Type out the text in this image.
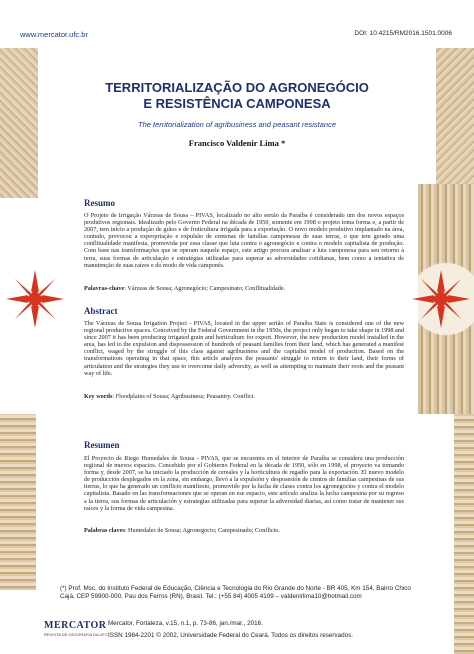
www.mercator.ufc.br	DOI: 10.4215/RM2016.1501.0006
TERRITORIALIZAÇÃO DO AGRONEGÓCIO
E RESISTÊNCIA CAMPONESA
The territorialization of agribusiness and peasant resistance
Francisco Valdenir Lima *
Resumo
O Projeto de Irrigação Várzeas de Sousa – PIVAS, localizado no alto sertão da Paraíba é considerado um dos novos espaços produtivos regionais. Idealizado pelo Governo Federal na década de 1950, somente em 1998 o projeto toma forma e, a partir de 2007, tem início a produção de grãos e de fruticultura irrigada para a exportação. O novo modelo produtivo implantado na área, contudo, provocou a expropriação e expulsão de centenas de famílias camponesas de suas terras, o que tem gerado uma conflitualidade manifesta, promovida por essa classe que luta contra o agronegócio e contra o modelo capitalista de produção. Com base nas transformações que se operam naquele espaço, este artigo procura analisar a luta camponesa para seu retorno à terra, suas formas de articulação e estratégias utilizadas para superar as adversidades cotidianas, bem como a tentativa de manutenção de suas raízes e do modo de vida camponês.
Palavras-chave: Várzeas de Sousa; Agronegócio; Campesinato; Conflitualidade.
Abstract
The Várzeas de Sousa Irrigation Project - PIVAS, located in the upper sertão of Paraíba State is considered one of the new regional productive spaces. Conceived by the Federal Government in the 1950s, the project only began to take shape in 1998 and since 2007 it has been producing irrigated grain and horticulture for export. However, the new production model installed in the area, has led to the expulsion and dispossession of hundreds of peasant families from their land, which has generated a manifest conflict, waged by the struggle of this class against agribusiness and the capitalist model of production. Based on the transformations operating in that space, this article analyzes the peasants' struggle to return to their land, their forms of articulation and the strategies they use to overcome daily adversity, as well as attempting to maintain their roots and the peasant way of life.
Key words: Floodplains of Sousa; Agribusiness; Peasantry. Conflict.
Resumen
El Proyecto de Riego Humedales de Sousa - PIVAS, que se encuentra en el interior de Paraíba se considera una producción regional de nuevos espacios. Concebido por el Gobierno Federal en la década de 1950, sólo en 1998, el proyecto va tomando forma y, desde 2007, se ha iniciado la producción de cereales y la horticultura de regadío para la exportación. El nuevo modelo de producción desplegados en la zona, sin embargo, llevó a la expulsión y desposesión de cientos de familias campesinas de sus tierras, lo que ha generado un conflicto manifiesto, promovido por la lucha de clases contra los agronegocios y contra el modelo capitalista. Basado en las transformaciones que se operan en ese espacio, este artículo analiza la lucha campesina por su regreso a la tierra, sus formas de articulación y estrategias utilizadas para superar la adversidad diarias, así como tratar de mantener sus raíces y la forma de vida campesina.
Palabras claves: Humedales de Sousa; Agronegocio; Campesinado; Conflicto.
(*) Prof. Msc. do Instituto Federal de Educação, Ciência e Tecnologia do Rio Grande do Norte - BR 405, Km 154, Bairro Chico
Cajá, CEP 59900-000, Pau dos Ferros (RN), Brasil. Tel.: (+55 84) 4005 4109 – valdenirlima10@hotmail.com
MERCATOR
REVISTA DE GEOGRAFIA DA UFC
Mercator, Fortaleza, v.15, n.1, p. 73-86, jan./mar., 2016.
ISSN 1984-2201 © 2002, Universidade Federal do Ceará. Todos os direitos reservados.
